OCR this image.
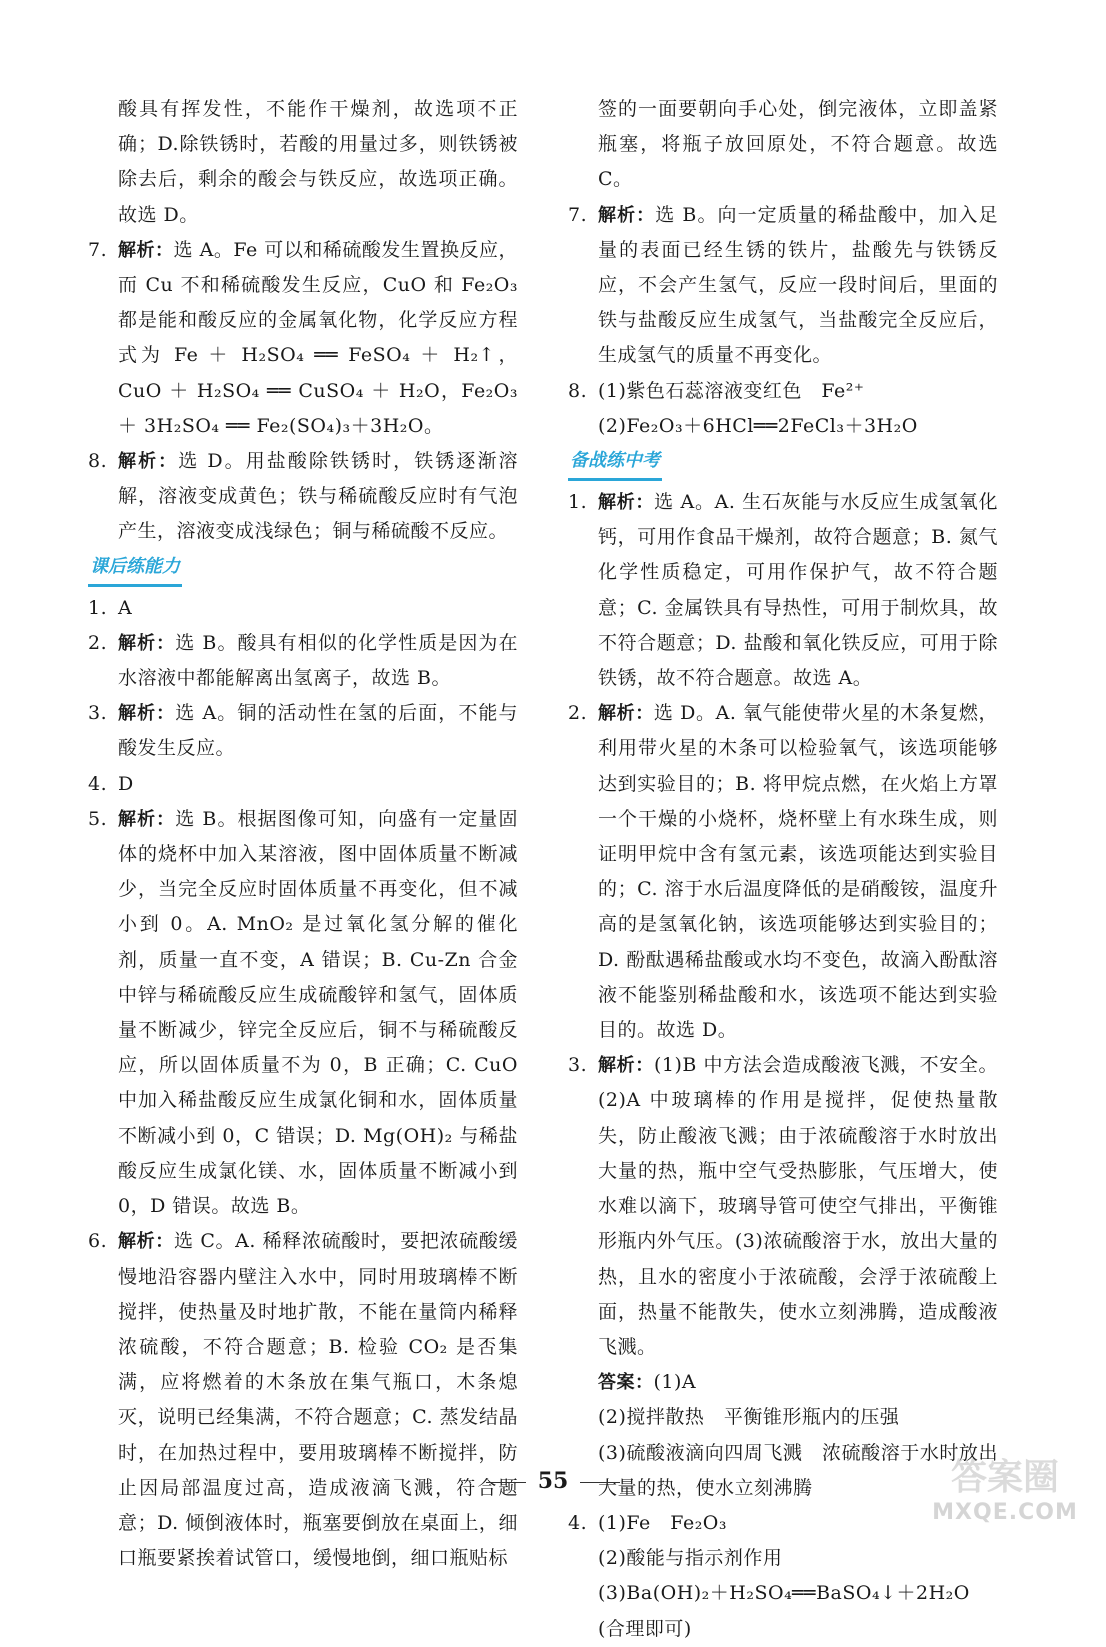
酸具有挥发性，不能作干燥剂，故选项不正确；D.除铁锈时，若酸的用量过多，则铁锈被除去后，剩余的酸会与铁反应，故选项正确。故选 D。
7. 解析：选 A。Fe 可以和稀硫酸发生置换反应，而 Cu 不和稀硫酸发生反应，CuO 和 Fe₂O₃ 都是能和酸反应的金属氧化物，化学反应方程式为 Fe ＋ H₂SO₄ ══ FeSO₄ ＋ H₂↑，CuO ＋ H₂SO₄ ══ CuSO₄ ＋ H₂O，Fe₂O₃ ＋ 3H₂SO₄ ══ Fe₂(SO₄)₃＋3H₂O。
8. 解析：选 D。用盐酸除铁锈时，铁锈逐渐溶解，溶液变成黄色；铁与稀硫酸反应时有气泡产生，溶液变成浅绿色；铜与稀硫酸不反应。
课后练能力
1. A
2. 解析：选 B。酸具有相似的化学性质是因为在水溶液中都能解离出氢离子，故选 B。
3. 解析：选 A。铜的活动性在氢的后面，不能与酸发生反应。
4. D
5. 解析：选 B。根据图像可知，向盛有一定量固体的烧杯中加入某溶液，图中固体质量不断减少，当完全反应时固体质量不再变化，但不减小到 0。A. MnO₂ 是过氧化氢分解的催化剂，质量一直不变，A 错误；B. Cu-Zn 合金中锌与稀硫酸反应生成硫酸锌和氢气，固体质量不断减少，锌完全反应后，铜不与稀硫酸反应，所以固体质量不为 0，B 正确；C. CuO 中加入稀盐酸反应生成氯化铜和水，固体质量不断减小到 0，C 错误；D. Mg(OH)₂ 与稀盐酸反应生成氯化镁、水，固体质量不断减小到 0，D 错误。故选 B。
6. 解析：选 C。A. 稀释浓硫酸时，要把浓硫酸缓慢地沿容器内壁注入水中，同时用玻璃棒不断搅拌，使热量及时地扩散，不能在量筒内稀释浓硫酸，不符合题意；B. 检验 CO₂ 是否集满，应将燃着的木条放在集气瓶口，木条熄灭，说明已经集满，不符合题意；C. 蒸发结晶时，在加热过程中，要用玻璃棒不断搅拌，防止因局部温度过高，造成液滴飞溅，符合题意；D. 倾倒液体时，瓶塞要倒放在桌面上，细口瓶要紧挨着试管口，缓慢地倒，细口瓶贴标
签的一面要朝向手心处，倒完液体，立即盖紧瓶塞，将瓶子放回原处，不符合题意。故选 C。
7. 解析：选 B。向一定质量的稀盐酸中，加入足量的表面已经生锈的铁片，盐酸先与铁锈反应，不会产生氢气，反应一段时间后，里面的铁与盐酸反应生成氢气，当盐酸完全反应后，生成氢气的质量不再变化。
8. (1)紫色石蕊溶液变红色　Fe²⁺
(2)Fe₂O₃＋6HCl══2FeCl₃＋3H₂O
备战练中考
1. 解析：选 A。A. 生石灰能与水反应生成氢氧化钙，可用作食品干燥剂，故符合题意；B. 氮气化学性质稳定，可用作保护气，故不符合题意；C. 金属铁具有导热性，可用于制炊具，故不符合题意；D. 盐酸和氧化铁反应，可用于除铁锈，故不符合题意。故选 A。
2. 解析：选 D。A. 氧气能使带火星的木条复燃，利用带火星的木条可以检验氧气，该选项能够达到实验目的；B. 将甲烷点燃，在火焰上方罩一个干燥的小烧杯，烧杯壁上有水珠生成，则证明甲烷中含有氢元素，该选项能达到实验目的；C. 溶于水后温度降低的是硝酸铵，温度升高的是氢氧化钠，该选项能够达到实验目的；D. 酚酞遇稀盐酸或水均不变色，故滴入酚酞溶液不能鉴别稀盐酸和水，该选项不能达到实验目的。故选 D。
3. 解析：(1)B 中方法会造成酸液飞溅，不安全。(2)A 中玻璃棒的作用是搅拌，促使热量散失，防止酸液飞溅；由于浓硫酸溶于水时放出大量的热，瓶中空气受热膨胀，气压增大，使水难以滴下，玻璃导管可使空气排出，平衡锥形瓶内外气压。(3)浓硫酸溶于水，放出大量的热，且水的密度小于浓硫酸，会浮于浓硫酸上面，热量不能散失，使水立刻沸腾，造成酸液飞溅。
答案：(1)A
(2)搅拌散热　平衡锥形瓶内的压强
(3)硫酸液滴向四周飞溅　浓硫酸溶于水时放出大量的热，使水立刻沸腾
4. (1)Fe　Fe₂O₃
(2)酸能与指示剂作用
(3)Ba(OH)₂＋H₂SO₄══BaSO₄↓＋2H₂O
(合理即可)
55	答案圈
MXQE.COM
